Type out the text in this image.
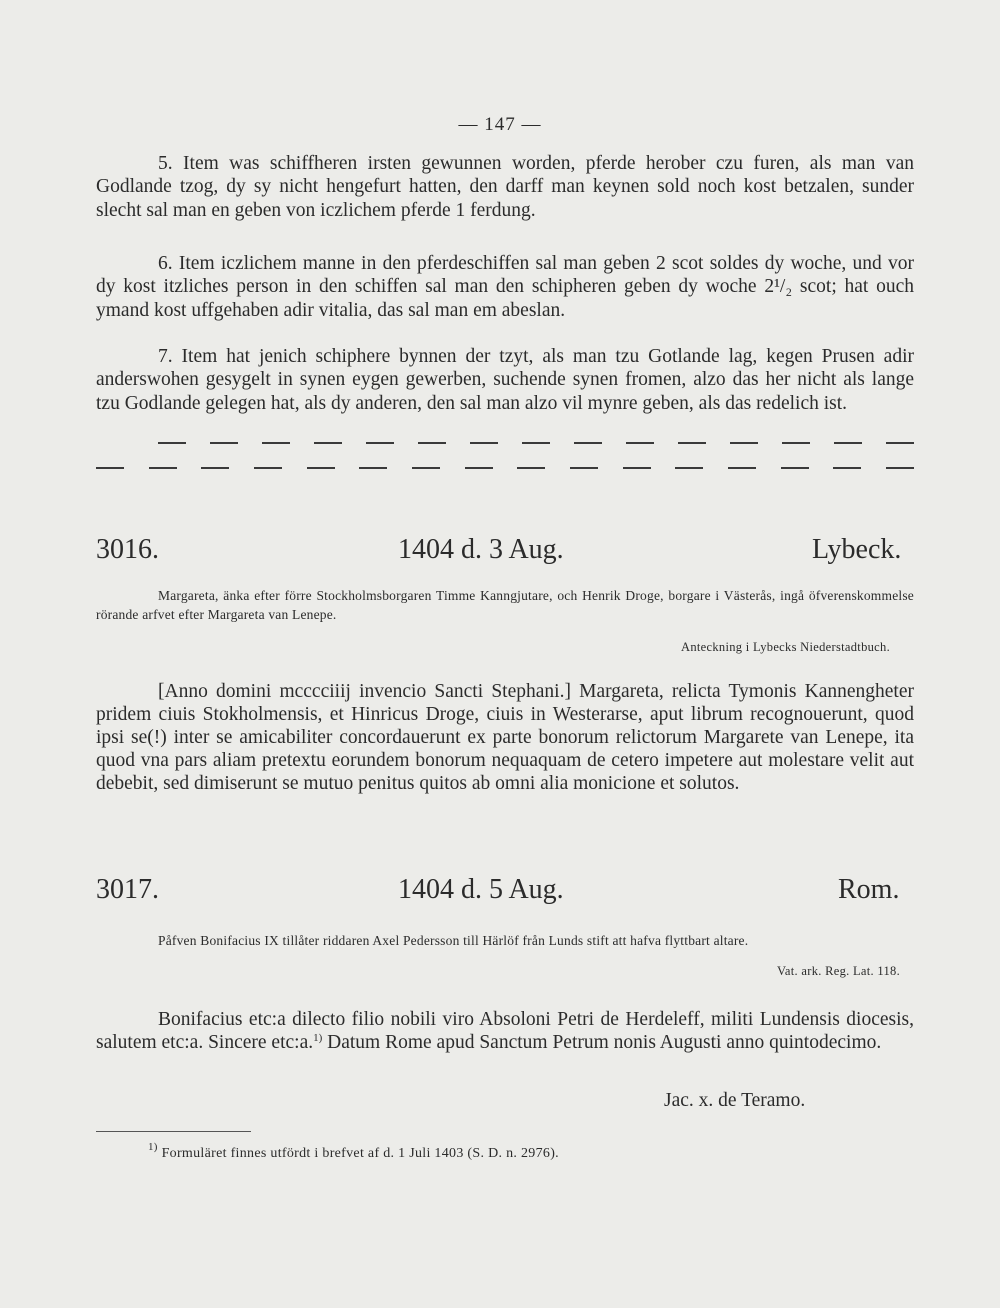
— 147 —

5. Item was schiffheren irsten gewunnen worden, pferde herober czu furen, als man van Godlande tzog, dy sy nicht hengefurt hatten, den darff man keynen sold noch kost betzalen, sunder slecht sal man en geben von iczlichem pferde 1 ferdung.

6. Item iczlichem manne in den pferdeschiffen sal man geben 2 scot soldes dy woche, und vor dy kost itzliches person in den schiffen sal man den schipheren geben dy woche 2¹/₂ scot; hat ouch ymand kost uffgehaben adir vitalia, das sal man em abeslan.

7. Item hat jenich schiphere bynnen der tzyt, als man tzu Gotlande lag, kegen Prusen adir anderswohen gesygelt in synen eygen gewerben, suchende synen fromen, alzo das her nicht als lange tzu Godlande gelegen hat, als dy anderen, den sal man alzo vil mynre geben, als das redelich ist.

3016.	1404 d. 3 Aug.	Lybeck.

Margareta, änka efter förre Stockholmsborgaren Timme Kanngjutare, och Henrik Droge, borgare i Västerås, ingå öfverenskommelse rörande arfvet efter Margareta van Lenepe.

Anteckning i Lybecks Niederstadtbuch.

[Anno domini mcccciiij invencio Sancti Stephani.] Margareta, relicta Tymonis Kannengheter pridem ciuis Stokholmensis, et Hinricus Droge, ciuis in Westerarse, aput librum recognouerunt, quod ipsi se(!) inter se amicabiliter concordauerunt ex parte bonorum relictorum Margarete van Lenepe, ita quod vna pars aliam pretextu eorundem bonorum nequaquam de cetero impetere aut molestare velit aut debebit, sed dimiserunt se mutuo penitus quitos ab omni alia monicione et solutos.

3017.	1404 d. 5 Aug.	Rom.

Påfven Bonifacius IX tillåter riddaren Axel Pedersson till Härlöf från Lunds stift att hafva flyttbart altare.

Vat. ark. Reg. Lat. 118.

Bonifacius etc:a dilecto filio nobili viro Absoloni Petri de Herdeleff, militi Lundensis diocesis, salutem etc:a. Sincere etc:a.$^{1)}$ Datum Rome apud Sanctum Petrum nonis Augusti anno quintodecimo.

Jac. x. de Teramo.
$^{1)}$ Formuläret finnes utfördt i brefvet af d. 1 Juli 1403 (S. D. n. 2976).
